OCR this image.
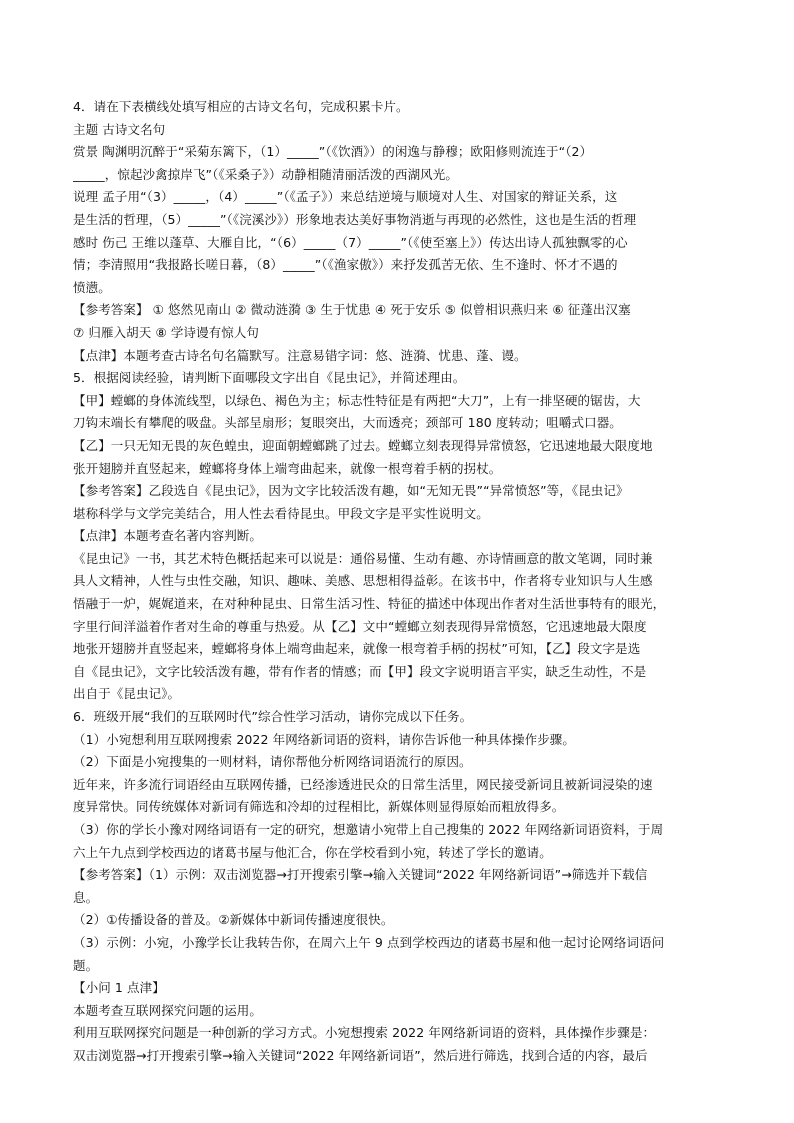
4．请在下表横线处填写相应的古诗文名句，完成积累卡片。
主题 古诗文名句
赏景 陶渊明沉醉于“采菊东篱下，（1）_____”（《饮酒》）的闲逸与静穆；欧阳修则流连于“（2）
_____，惊起沙禽掠岸飞”（《采桑子》）动静相随清丽活泼的西湖风光。
说理 孟子用“（3）_____，（4）_____”（《孟子》）来总结逆境与顺境对人生、对国家的辩证关系，这
是生活的哲理，（5）_____”（《浣溪沙》）形象地表达美好事物消逝与再现的必然性，这也是生活的哲理
感时 伤己 王维以蓬草、大雁自比，“（6）_____（7）_____”（《使至塞上》）传达出诗人孤独飘零的心
情；李清照用“我报路长嗟日暮，（8）_____”（《渔家傲》）来抒发孤苦无依、生不逢时、怀才不遇的
愤懑。
【参考答案】 ① 悠然见南山 ② 微动涟漪 ③ 生于忧患 ④ 死于安乐 ⑤ 似曾相识燕归来 ⑥ 征蓬出汉塞
⑦ 归雁入胡天 ⑧ 学诗谩有惊人句
【点津】本题考查古诗名句名篇默写。注意易错字词：悠、涟漪、忧患、蓬、谩。
5．根据阅读经验，请判断下面哪段文字出自《昆虫记》，并简述理由。
【甲】螳螂的身体流线型，以绿色、褐色为主；标志性特征是有两把“大刀”，上有一排坚硬的锯齿，大
刀钩末端长有攀爬的吸盘。头部呈扇形；复眼突出，大而透亮；颈部可 180 度转动；咀嚼式口器。
【乙】一只无知无畏的灰色蝗虫，迎面朝螳螂跳了过去。螳螂立刻表现得异常愤怒，它迅速地最大限度地
张开翅膀并直竖起来，螳螂将身体上端弯曲起来，就像一根弯着手柄的拐杖。
【参考答案】乙段选自《昆虫记》，因为文字比较活泼有趣，如“无知无畏”“异常愤怒”等，《昆虫记》
堪称科学与文学完美结合，用人性去看待昆虫。甲段文字是平实性说明文。
【点津】本题考查名著内容判断。
《昆虫记》一书，其艺术特色概括起来可以说是：通俗易懂、生动有趣、亦诗情画意的散文笔调，同时兼
具人文精神，人性与虫性交融，知识、趣味、美感、思想相得益彰。在该书中，作者将专业知识与人生感
悟融于一炉，娓娓道来，在对种种昆虫、日常生活习性、特征的描述中体现出作者对生活世事特有的眼光，
字里行间洋溢着作者对生命的尊重与热爱。从【乙】文中“螳螂立刻表现得异常愤怒，它迅速地最大限度
地张开翅膀并直竖起来，螳螂将身体上端弯曲起来，就像一根弯着手柄的拐杖”可知，【乙】段文字是选
自《昆虫记》，文字比较活泼有趣，带有作者的情感；而【甲】段文字说明语言平实，缺乏生动性，不是
出自于《昆虫记》。
6．班级开展“我们的互联网时代”综合性学习活动，请你完成以下任务。
（1）小宛想利用互联网搜索 2022 年网络新词语的资料，请你告诉他一种具体操作步骤。
（2）下面是小宛搜集的一则材料，请你帮他分析网络词语流行的原因。
近年来，许多流行词语经由互联网传播，已经渗透进民众的日常生活里，网民接受新词且被新词浸染的速
度异常快。同传统媒体对新词有筛选和冷却的过程相比，新媒体则显得原始而粗放得多。
（3）你的学长小豫对网络词语有一定的研究，想邀请小宛带上自己搜集的 2022 年网络新词语资料，于周
六上午九点到学校西边的诸葛书屋与他汇合，你在学校看到小宛，转述了学长的邀请。
【参考答案】（1）示例：双击浏览器→打开搜索引擎→输入关键词“2022 年网络新词语”→筛选并下载信
息。
（2）①传播设备的普及。②新媒体中新词传播速度很快。
（3）示例：小宛，小豫学长让我转告你，在周六上午 9 点到学校西边的诸葛书屋和他一起讨论网络词语问
题。
【小问 1 点津】
本题考查互联网探究问题的运用。
利用互联网探究问题是一种创新的学习方式。小宛想搜索 2022 年网络新词语的资料，具体操作步骤是：
双击浏览器→打开搜索引擎→输入关键词“2022 年网络新词语”，然后进行筛选，找到合适的内容，最后
